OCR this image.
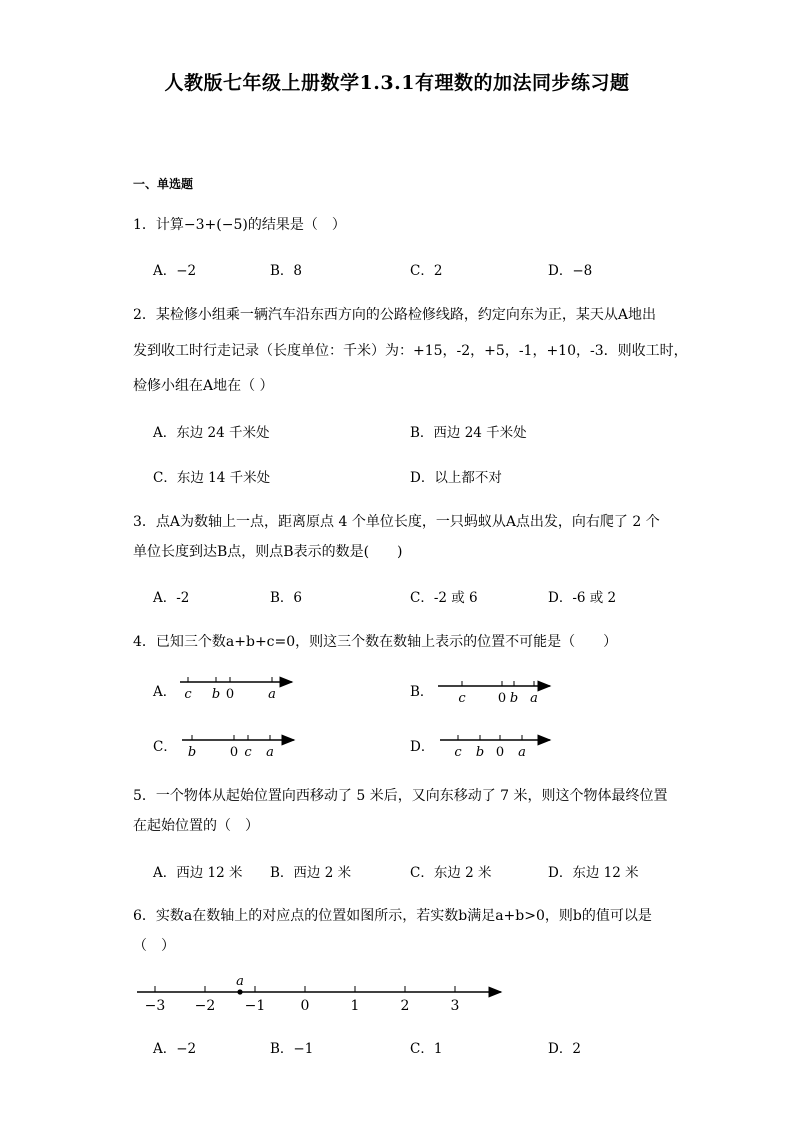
人教版七年级上册数学1.3.1有理数的加法同步练习题
一、单选题
1．计算−3+(−5)的结果是（　）
A．−2	B．8	C．2	D．−8
2．某检修小组乘一辆汽车沿东西方向的公路检修线路，约定向东为正，某天从A地出
发到收工时行走记录（长度单位：千米）为：+15，-2，+5，-1，+10，-3．则收工时，
检修小组在A地在（ ）
A．东边 24 千米处	B．西边 24 千米处
C．东边 14 千米处	D．以上都不对
3．点A为数轴上一点，距离原点 4 个单位长度，一只蚂蚁从A点出发，向右爬了 2 个
单位长度到达B点，则点B表示的数是(　　)
A．-2	B．6	C．-2 或 6	D．-6 或 2
4．已知三个数a+b+c=0，则这三个数在数轴上表示的位置不可能是（　　）
A． c b 0	a	B． c 0 b a
C． b	0 c a	D． c b 0 a
5．一个物体从起始位置向西移动了 5 米后，又向东移动了 7 米，则这个物体最终位置
在起始位置的（　）
A．西边 12 米 B．西边 2 米	C．东边 2 米	D．东边 12 米
6．实数a在数轴上的对应点的位置如图所示，若实数b满足a+b>0，则b的值可以是
（　）
−3 −2 −1	0	1	2	3
a
A．−2	B．−1	C．1	D．2
